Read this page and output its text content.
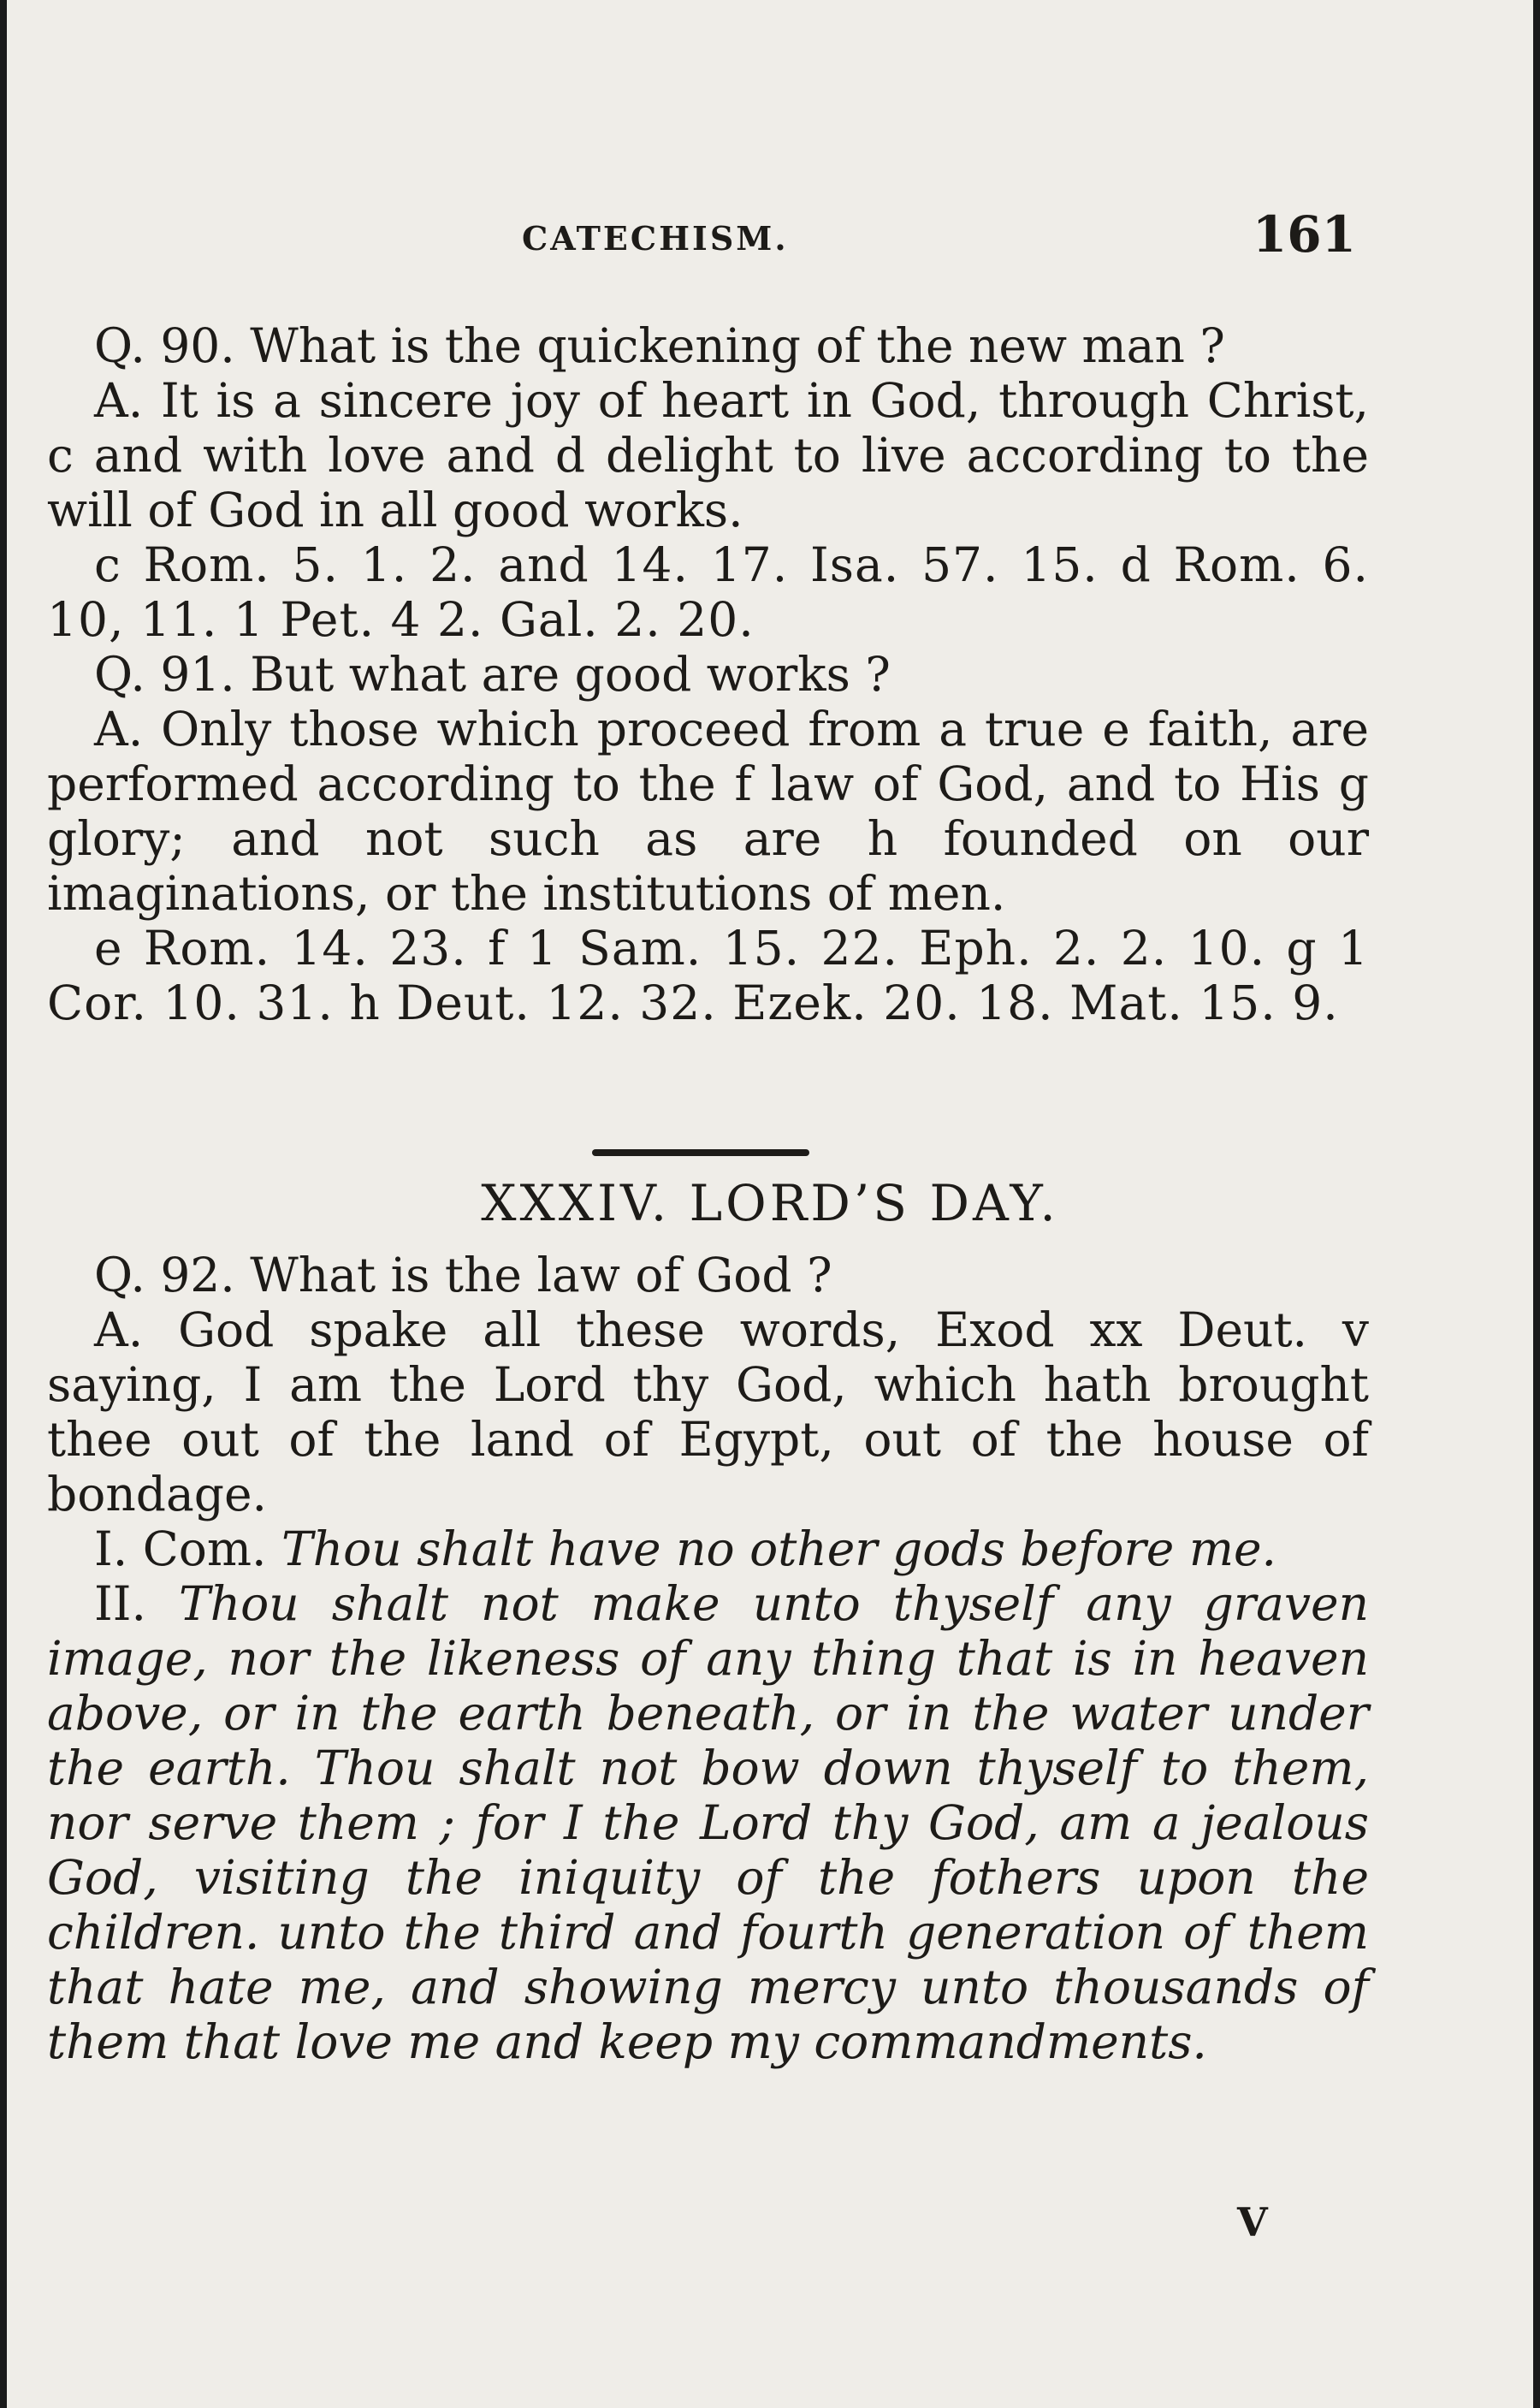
CATECHISM.	161

Q. 90. What is the quickening of the new man ?

A. It is a sincere joy of heart in God, through Christ, c and with love and d delight to live according to the will of God in all good works.

c Rom. 5. 1. 2. and 14. 17. Isa. 57. 15. d Rom. 6. 10, 11. 1 Pet. 4 2. Gal. 2. 20.

Q. 91. But what are good works ?

A. Only those which proceed from a true e faith, are performed according to the f law of God, and to His g glory; and not such as are h founded on our imaginations, or the institutions of men.

e Rom. 14. 23. f 1 Sam. 15. 22. Eph. 2. 2. 10. g 1 Cor. 10. 31. h Deut. 12. 32. Ezek. 20. 18. Mat. 15. 9.

XXXIV. LORD’S DAY.

Q. 92. What is the law of God ?

A. God spake all these words, Exod xx Deut. v saying, I am the Lord thy God, which hath brought thee out of the land of Egypt, out of the house of bondage.

I. Com. Thou shalt have no other gods before me.

II. Thou shalt not make unto thyself any graven image, nor the likeness of any thing that is in heaven above, or in the earth beneath, or in the water under the earth. Thou shalt not bow down thyself to them, nor serve them ; for I the Lord thy God, am a jealous God, visiting the iniquity of the fothers upon the children. unto the third and fourth generation of them that hate me, and showing mercy unto thousands of them that love me and keep my commandments.

V
